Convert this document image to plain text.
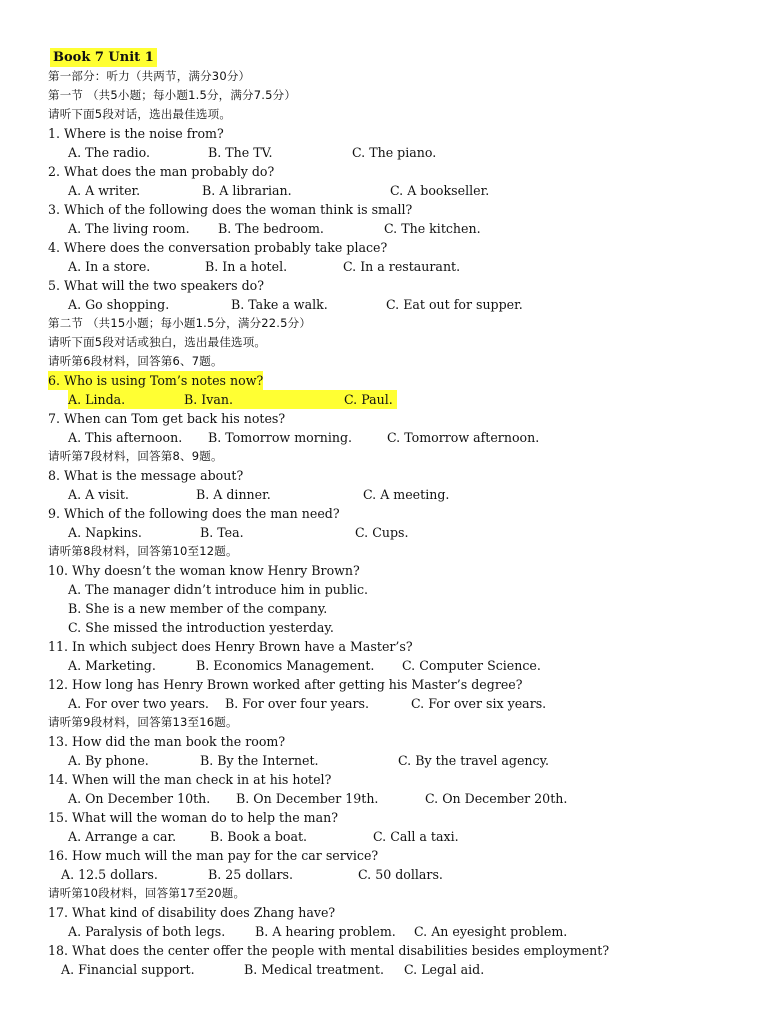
Book 7 Unit 1
第一部分：听力（共两节，满分30分）
第一节 （共5小题；每小题1.5分，满分7.5分）
请听下面5段对话，选出最佳选项。
1. Where is the noise from?
A. The radio.	B. The TV.	C. The piano.
2. What does the man probably do?
A. A writer.	B. A librarian.	C. A bookseller.
3. Which of the following does the woman think is small?
A. The living room. B. The bedroom.	C. The kitchen.
4. Where does the conversation probably take place?
A. In a store.	B. In a hotel.	C. In a restaurant.
5. What will the two speakers do?
A. Go shopping.	B. Take a walk.	C. Eat out for supper.
第二节 （共15小题；每小题1.5分，满分22.5分）
请听下面5段对话或独白，选出最佳选项。
请听第6段材料，回答第6、7题。
6. Who is using Tom’s notes now?
A. Linda.	B. Ivan.	C. Paul.
7. When can Tom get back his notes?
A. This afternoon. B. Tomorrow morning.	C. Tomorrow afternoon.
请听第7段材料，回答第8、9题。
8. What is the message about?
A. A visit.	B. A dinner.	C. A meeting.
9. Which of the following does the man need?
A. Napkins.	B. Tea.	C. Cups.
请听第8段材料，回答第10至12题。
10. Why doesn’t the woman know Henry Brown?
A. The manager didn’t introduce him in public.
B. She is a new member of the company.
C. She missed the introduction yesterday.
11. In which subject does Henry Brown have a Master’s?
A. Marketing.	B. Economics Management. C. Computer Science.
12. How long has Henry Brown worked after getting his Master’s degree?
A. For over two years. B. For over four years.	C. For over six years.
请听第9段材料，回答第13至16题。
13. How did the man book the room?
A. By phone.	B. By the Internet.	C. By the travel agency.
14. When will the man check in at his hotel?
A. On December 10th. B. On December 19th.	C. On December 20th.
15. What will the woman do to help the man?
A. Arrange a car.	B. Book a boat.	C. Call a taxi.
16. How much will the man pay for the car service?
A. 12.5 dollars.	B. 25 dollars.	C. 50 dollars.
请听第10段材料，回答第17至20题。
17. What kind of disability does Zhang have?
A. Paralysis of both legs. B. A hearing problem. C. An eyesight problem.
18. What does the center offer the people with mental disabilities besides employment?
A. Financial support.	B. Medical treatment. C. Legal aid.
